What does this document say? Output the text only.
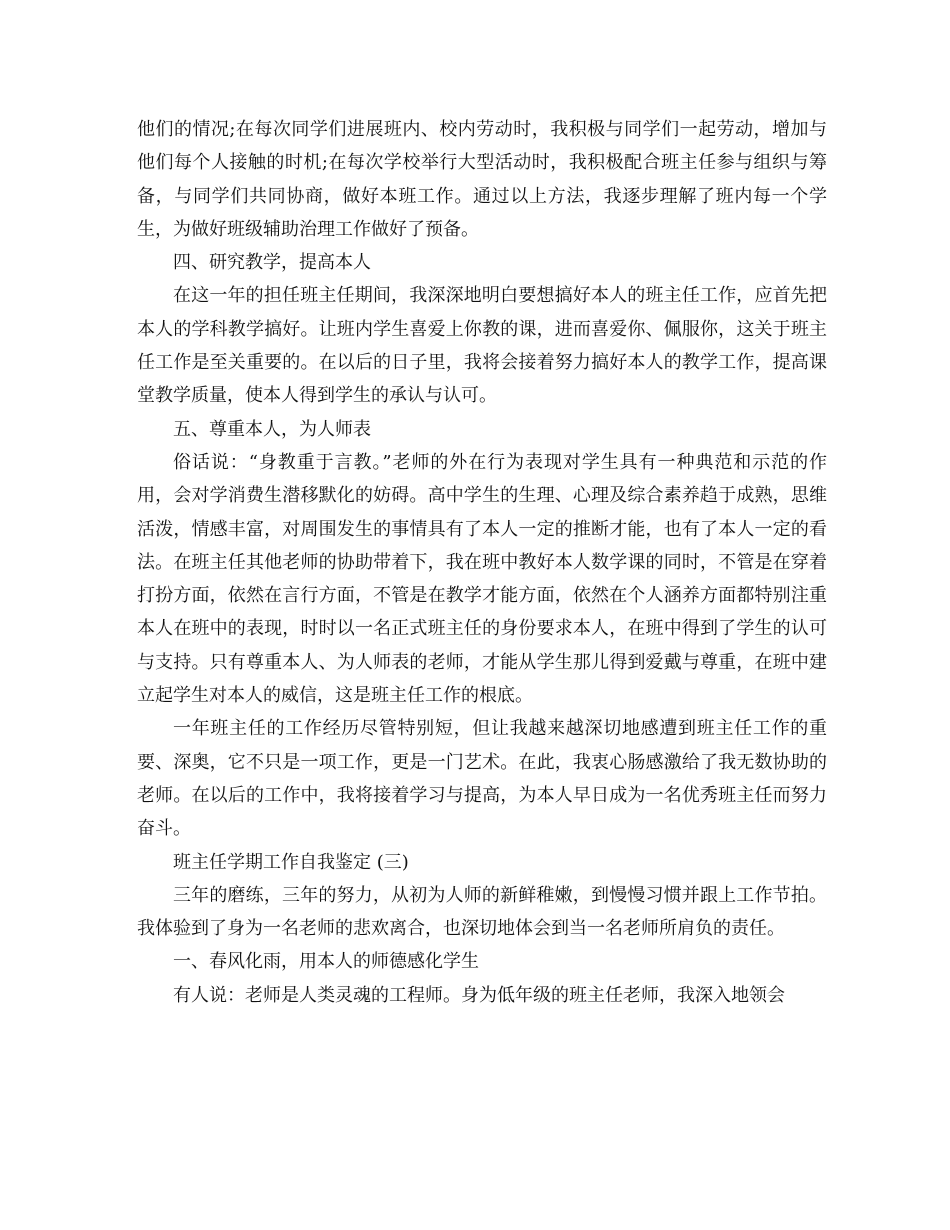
他们的情况;在每次同学们进展班内、校内劳动时，我积极与同学们一起劳动，增加与他们每个人接触的时机;在每次学校举行大型活动时，我积极配合班主任参与组织与筹备，与同学们共同协商，做好本班工作。通过以上方法，我逐步理解了班内每一个学生，为做好班级辅助治理工作做好了预备。

四、研究教学，提高本人

在这一年的担任班主任期间，我深深地明白要想搞好本人的班主任工作，应首先把本人的学科教学搞好。让班内学生喜爱上你教的课，进而喜爱你、佩服你，这关于班主任工作是至关重要的。在以后的日子里，我将会接着努力搞好本人的教学工作，提高课堂教学质量，使本人得到学生的承认与认可。

五、尊重本人，为人师表

俗话说：“身教重于言教。”老师的外在行为表现对学生具有一种典范和示范的作用，会对学消费生潜移默化的妨碍。高中学生的生理、心理及综合素养趋于成熟，思维活泼，情感丰富，对周围发生的事情具有了本人一定的推断才能，也有了本人一定的看法。在班主任其他老师的协助带着下，我在班中教好本人数学课的同时，不管是在穿着打扮方面，依然在言行方面，不管是在教学才能方面，依然在个人涵养方面都特别注重本人在班中的表现，时时以一名正式班主任的身份要求本人，在班中得到了学生的认可与支持。只有尊重本人、为人师表的老师，才能从学生那儿得到爱戴与尊重，在班中建立起学生对本人的威信，这是班主任工作的根底。

一年班主任的工作经历尽管特别短，但让我越来越深切地感遭到班主任工作的重要、深奥，它不只是一项工作，更是一门艺术。在此，我衷心肠感激给了我无数协助的老师。在以后的工作中，我将接着学习与提高，为本人早日成为一名优秀班主任而努力奋斗。

班主任学期工作自我鉴定 (三)

三年的磨练，三年的努力，从初为人师的新鲜稚嫩，到慢慢习惯并跟上工作节拍。我体验到了身为一名老师的悲欢离合，也深切地体会到当一名老师所肩负的责任。

一、春风化雨，用本人的师德感化学生

有人说：老师是人类灵魂的工程师。身为低年级的班主任老师，我深入地领会
